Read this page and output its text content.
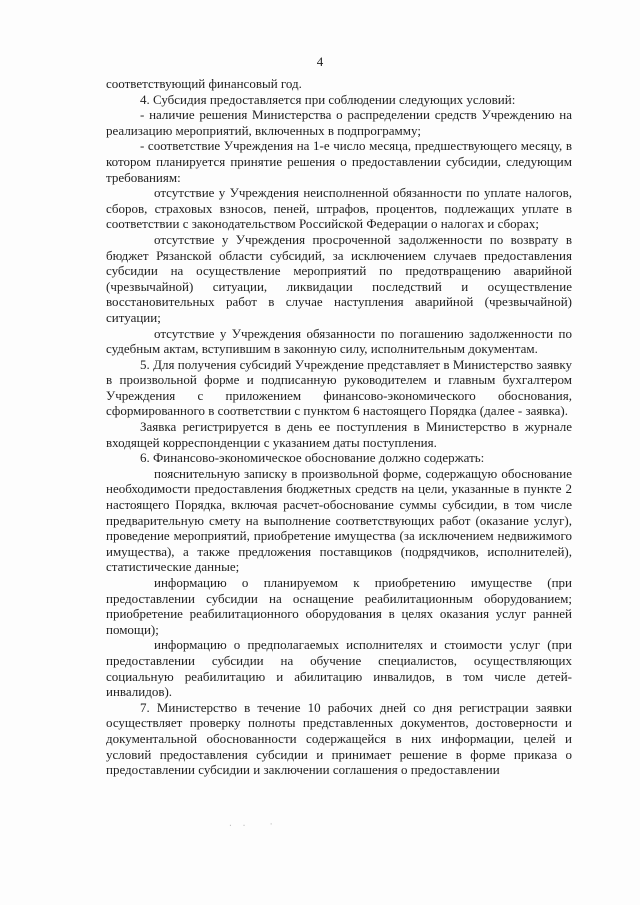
4

соответствующий финансовый год.

4. Субсидия предоставляется при соблюдении следующих условий:

- наличие решения Министерства о распределении средств Учреждению на реализацию мероприятий, включенных в подпрограмму;

- соответствие Учреждения на 1-е число месяца, предшествующего месяцу, в котором планируется принятие решения о предоставлении субсидии, следующим требованиям:

отсутствие у Учреждения неисполненной обязанности по уплате налогов, сборов, страховых взносов, пеней, штрафов, процентов, подлежащих уплате в соответствии с законодательством Российской Федерации о налогах и сборах;

отсутствие у Учреждения просроченной задолженности по возврату в бюджет Рязанской области субсидий, за исключением случаев предоставления субсидии на осуществление мероприятий по предотвращению аварийной (чрезвычайной) ситуации, ликвидации последствий и осуществление восстановительных работ в случае наступления аварийной (чрезвычайной) ситуации;

отсутствие у Учреждения обязанности по погашению задолженности по судебным актам, вступившим в законную силу, исполнительным документам.

5. Для получения субсидий Учреждение представляет в Министерство заявку в произвольной форме и подписанную руководителем и главным бухгалтером Учреждения с приложением финансово-экономического обоснования, сформированного в соответствии с пунктом 6 настоящего Порядка (далее - заявка).

Заявка регистрируется в день ее поступления в Министерство в журнале входящей корреспонденции с указанием даты поступления.

6. Финансово-экономическое обоснование должно содержать:

пояснительную записку в произвольной форме, содержащую обоснование необходимости предоставления бюджетных средств на цели, указанные в пункте 2 настоящего Порядка, включая расчет-обоснование суммы субсидии, в том числе предварительную смету на выполнение соответствующих работ (оказание услуг), проведение мероприятий, приобретение имущества (за исключением недвижимого имущества), а также предложения поставщиков (подрядчиков, исполнителей), статистические данные;

информацию о планируемом к приобретению имуществе (при предоставлении субсидии на оснащение реабилитационным оборудованием; приобретение реабилитационного оборудования в целях оказания услуг ранней помощи);

информацию о предполагаемых исполнителях и стоимости услуг (при предоставлении субсидии на обучение специалистов, осуществляющих социальную реабилитацию и абилитацию инвалидов, в том числе детей-инвалидов).

7. Министерство в течение 10 рабочих дней со дня регистрации заявки осуществляет проверку полноты представленных документов, достоверности и документальной обоснованности содержащейся в них информации, целей и условий предоставления субсидии и принимает решение в форме приказа о предоставлении субсидии и заключении соглашения о предоставлении

. .   ·
